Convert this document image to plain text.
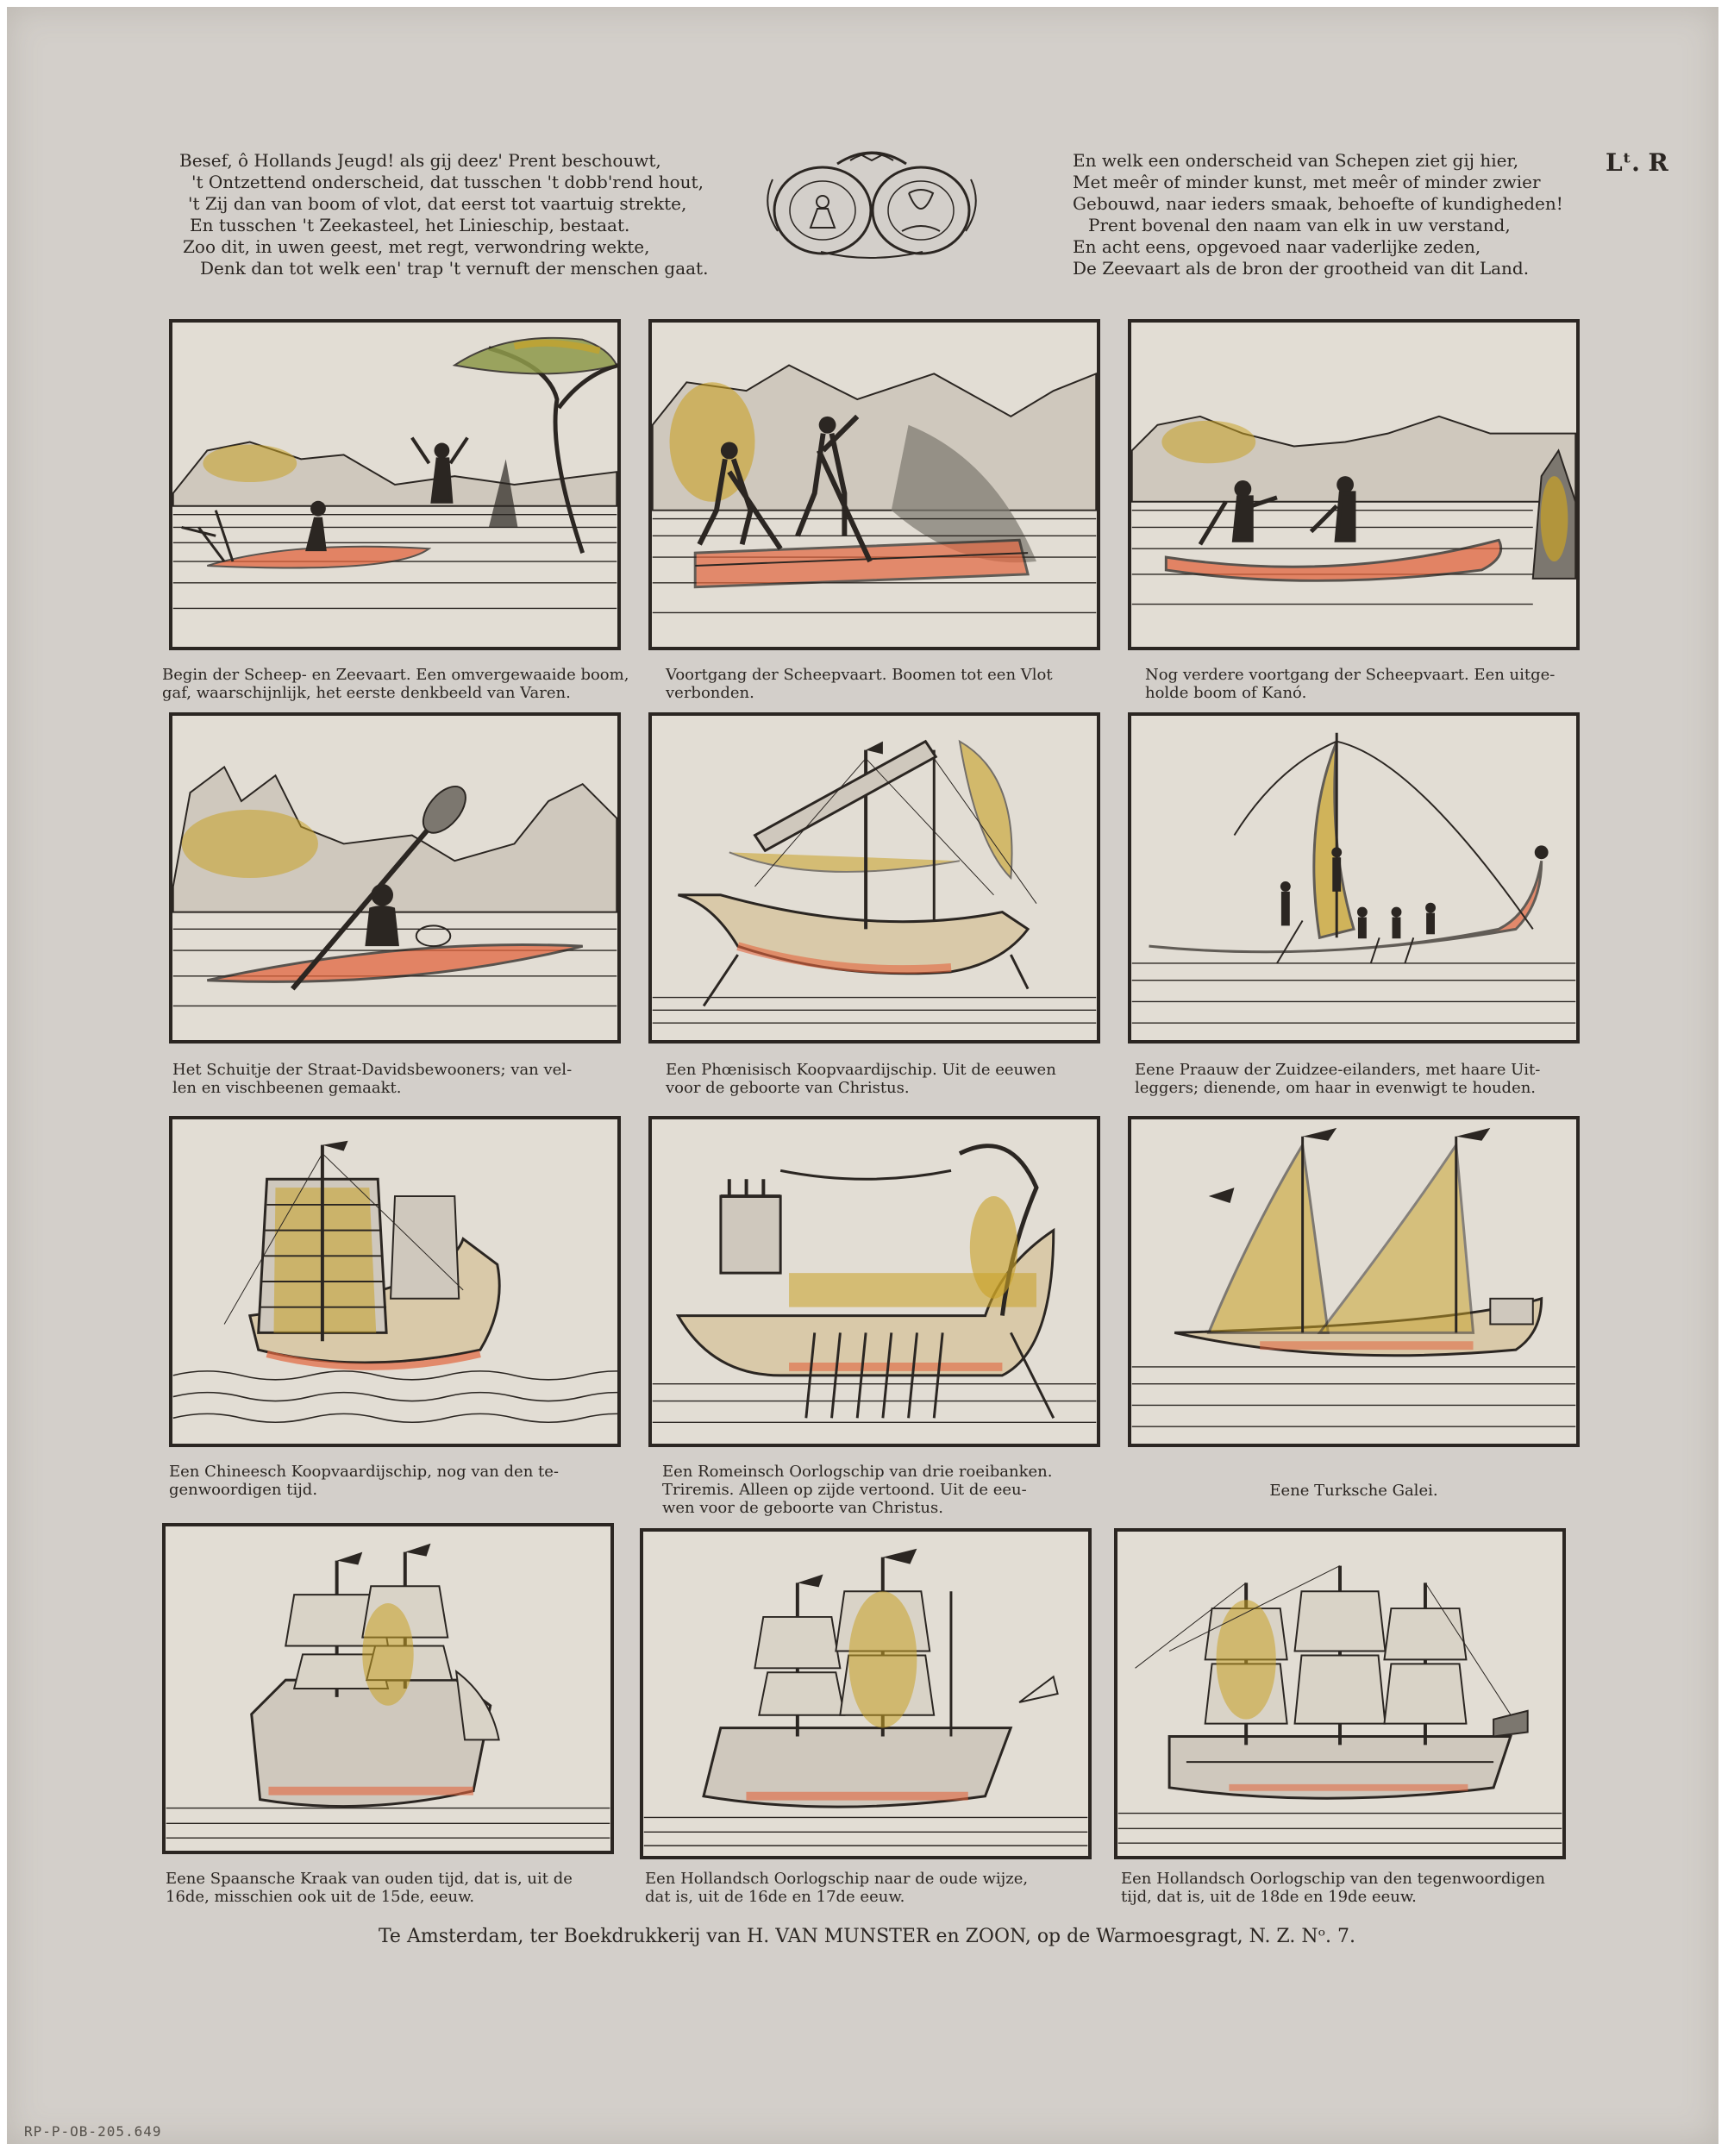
Besef, ô Hollands Jeugd! als gij deez' Prent beschouwt,
't Ontzettend onderscheid, dat tusschen 't dobb'rend hout,
't Zij dan van boom of vlot, dat eerst tot vaartuig strekte,
En tusschen 't Zeekasteel, het Linieschip, bestaat.
Zoo dit, in uwen geest, met regt, verwondring wekte,
Denk dan tot welk een' trap 't vernuft der menschen gaat.
En welk een onderscheid van Schepen ziet gij hier,
Met meêr of minder kunst, met meêr of minder zwier
Gebouwd, naar ieders smaak, behoefte of kundigheden!
Prent bovenal den naam van elk in uw verstand,
En acht eens, opgevoed naar vaderlijke zeden,
De Zeevaart als de bron der grootheid van dit Land.
Lᵗ. R
Begin der Scheep- en Zeevaart. Een omvergewaaide boom,
gaf, waarschijnlijk, het eerste denkbeeld van Varen.
Voortgang der Scheepvaart. Boomen tot een Vlot
verbonden.
Nog verdere voortgang der Scheepvaart. Een uitge-
holde boom of Kanó.
Het Schuitje der Straat-Davidsbewooners; van vel-
len en vischbeenen gemaakt.
Een Phœnisisch Koopvaardijschip. Uit de eeuwen
voor de geboorte van Christus.
Eene Praauw der Zuidzee-eilanders, met haare Uit-
leggers; dienende, om haar in evenwigt te houden.
Een Chineesch Koopvaardijschip, nog van den te-
genwoordigen tijd.
Een Romeinsch Oorlogschip van drie roeibanken.
Triremis. Alleen op zijde vertoond. Uit de eeu-
wen voor de geboorte van Christus.
Eene Turksche Galei.
Eene Spaansche Kraak van ouden tijd, dat is, uit de
16de, misschien ook uit de 15de, eeuw.
Een Hollandsch Oorlogschip naar de oude wijze,
dat is, uit de 16de en 17de eeuw.
Een Hollandsch Oorlogschip van den tegenwoordigen
tijd, dat is, uit de 18de en 19de eeuw.
Te Amsterdam, ter Boekdrukkerij van H. VAN MUNSTER en ZOON, op de Warmoesgragt, N. Z. Nᵒ. 7.
RP-P-OB-205.649
